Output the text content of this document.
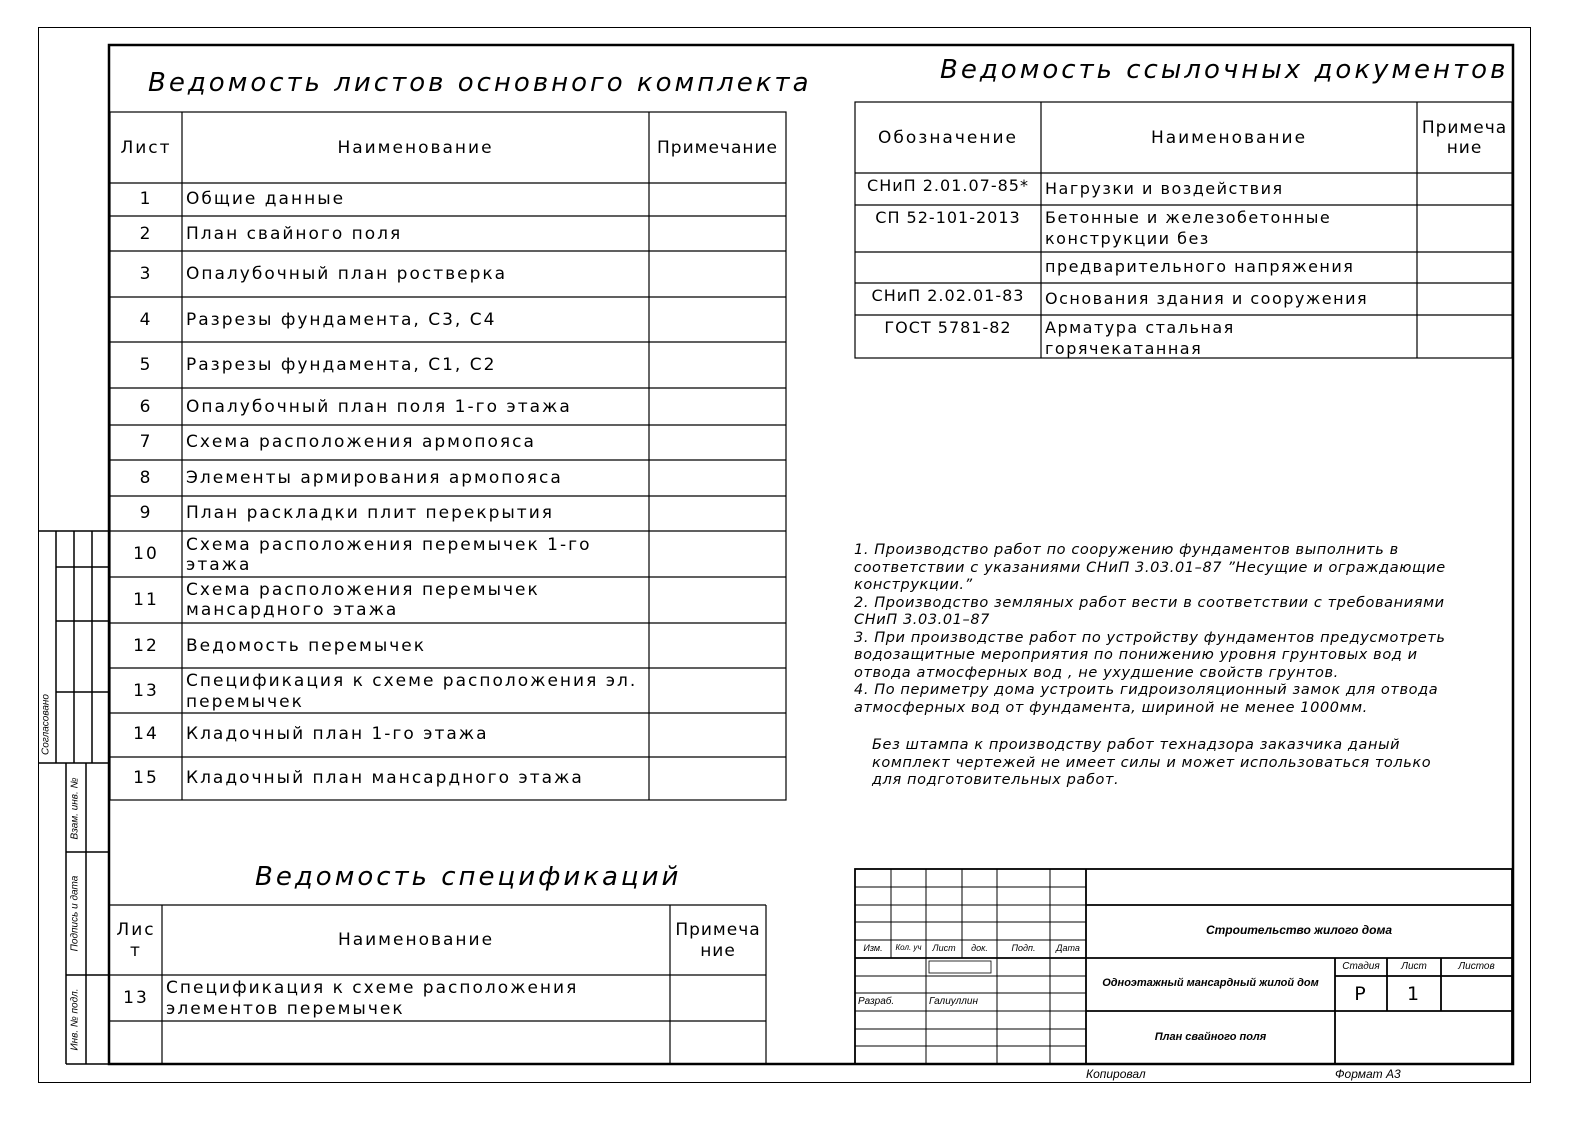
Ведомость листов основного комплекта
Лист	Наименование	Примечание
1	Общие данные
2	План свайного поля
3	Опалубочный план ростверка
4	Разрезы фундамента, С3, С4
5	Разрезы фундамента, С1, С2
6	Опалубочный план поля 1-го этажа
7	Схема расположения армопояса
8	Элементы армирования армопояса
9	План раскладки плит перекрытия
10	Схема расположения перемычек 1-го
этажа
11	Схема расположения перемычек
мансардного этажа
12	Ведомость перемычек
13	Спецификация к схеме расположения эл.
перемычек
14	Кладочный план 1-го этажа
15	Кладочный план мансардного этажа
Ведомость ссылочных документов
Обозначение	Наименование	Примеча
ние
СНиП 2.01.07-85*	Нагрузки и воздействия
СП 52-101-2013	Бетонные и железобетонные
конструкции без
предварительного напряжения
СНиП 2.02.01-83	Основания здания и сооружения
ГОСТ 5781-82	Арматура стальная
горячекатанная
1. Производство работ по сооружению фундаментов выполнить в
соответствии с указаниями СНиП 3.03.01–87 ”Несущие и ограждающие
конструкции.”
2. Производство земляных работ вести в соответствии с требованиями
СНиП 3.03.01–87
3. При производстве работ по устройству фундаментов предусмотреть
водозащитные мероприятия по понижению уровня грунтовых вод и
отвода атмосферных вод , не ухудшение свойств грунтов.
4. По периметру дома устроить гидроизоляционный замок для отвода
атмосферных вод от фундамента, шириной не менее 1000мм.
Без штампа к производству работ технадзора заказчика даный
комплект чертежей не имеет силы и может использоваться только
для подготовительных работ.
Ведомость спецификаций
Лис
т
Наименование	Примеча
ние
13	Спецификация к схеме расположения
элементов перемычек
Изм.	Кол. уч	Лист	док.	Подп.	Дата
Разраб.	Галиуллин
Строительство жилого дома
Одноэтажный мансардный жилой дом
План свайного поля
Стадия	Лист	Листов
Р	1
Согласовано
Взам. инв. №
Подпись и дата
Инв. № подл.
Копировал	Формат А3
